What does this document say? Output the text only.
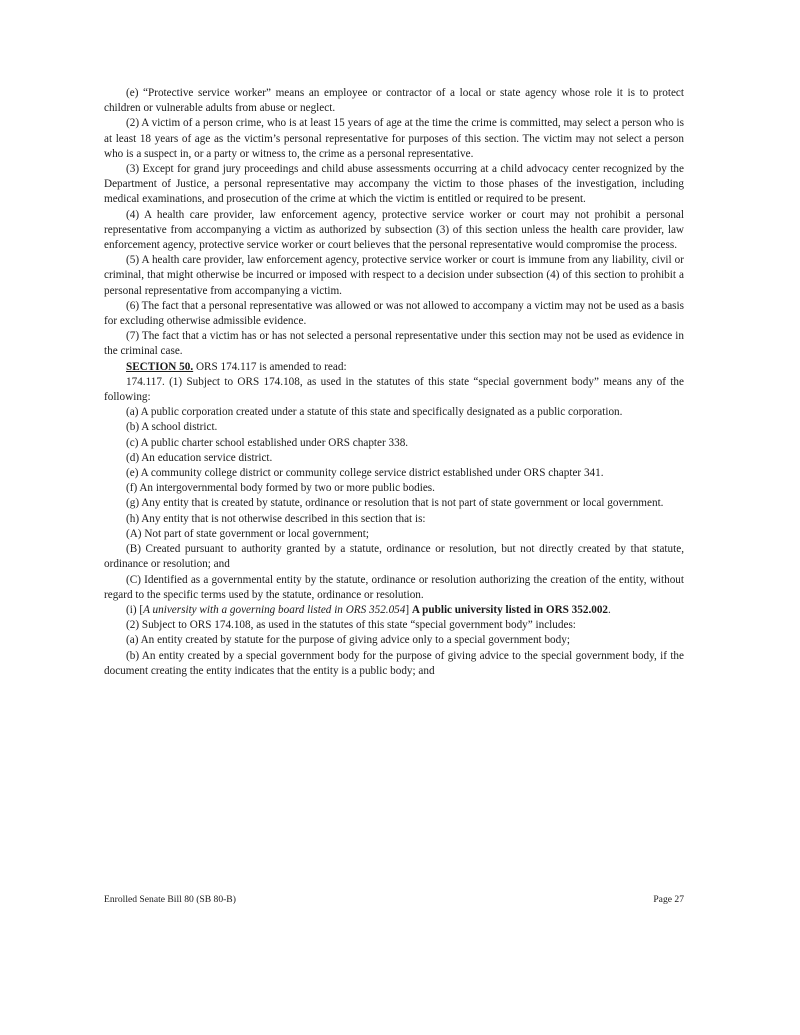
(e) “Protective service worker” means an employee or contractor of a local or state agency whose role it is to protect children or vulnerable adults from abuse or neglect.

(2) A victim of a person crime, who is at least 15 years of age at the time the crime is committed, may select a person who is at least 18 years of age as the victim’s personal representative for purposes of this section. The victim may not select a person who is a suspect in, or a party or witness to, the crime as a personal representative.

(3) Except for grand jury proceedings and child abuse assessments occurring at a child advocacy center recognized by the Department of Justice, a personal representative may accompany the victim to those phases of the investigation, including medical examinations, and prosecution of the crime at which the victim is entitled or required to be present.

(4) A health care provider, law enforcement agency, protective service worker or court may not prohibit a personal representative from accompanying a victim as authorized by subsection (3) of this section unless the health care provider, law enforcement agency, protective service worker or court believes that the personal representative would compromise the process.

(5) A health care provider, law enforcement agency, protective service worker or court is immune from any liability, civil or criminal, that might otherwise be incurred or imposed with respect to a decision under subsection (4) of this section to prohibit a personal representative from accompanying a victim.

(6) The fact that a personal representative was allowed or was not allowed to accompany a victim may not be used as a basis for excluding otherwise admissible evidence.

(7) The fact that a victim has or has not selected a personal representative under this section may not be used as evidence in the criminal case.

SECTION 50. ORS 174.117 is amended to read:

174.117. (1) Subject to ORS 174.108, as used in the statutes of this state “special government body” means any of the following:

(a) A public corporation created under a statute of this state and specifically designated as a public corporation.

(b) A school district.

(c) A public charter school established under ORS chapter 338.

(d) An education service district.

(e) A community college district or community college service district established under ORS chapter 341.

(f) An intergovernmental body formed by two or more public bodies.

(g) Any entity that is created by statute, ordinance or resolution that is not part of state government or local government.

(h) Any entity that is not otherwise described in this section that is:

(A) Not part of state government or local government;

(B) Created pursuant to authority granted by a statute, ordinance or resolution, but not directly created by that statute, ordinance or resolution; and

(C) Identified as a governmental entity by the statute, ordinance or resolution authorizing the creation of the entity, without regard to the specific terms used by the statute, ordinance or resolution.

(i) [A university with a governing board listed in ORS 352.054] A public university listed in ORS 352.002.

(2) Subject to ORS 174.108, as used in the statutes of this state “special government body” includes:

(a) An entity created by statute for the purpose of giving advice only to a special government body;

(b) An entity created by a special government body for the purpose of giving advice to the special government body, if the document creating the entity indicates that the entity is a public body; and

Enrolled Senate Bill 80 (SB 80-B)	Page 27
